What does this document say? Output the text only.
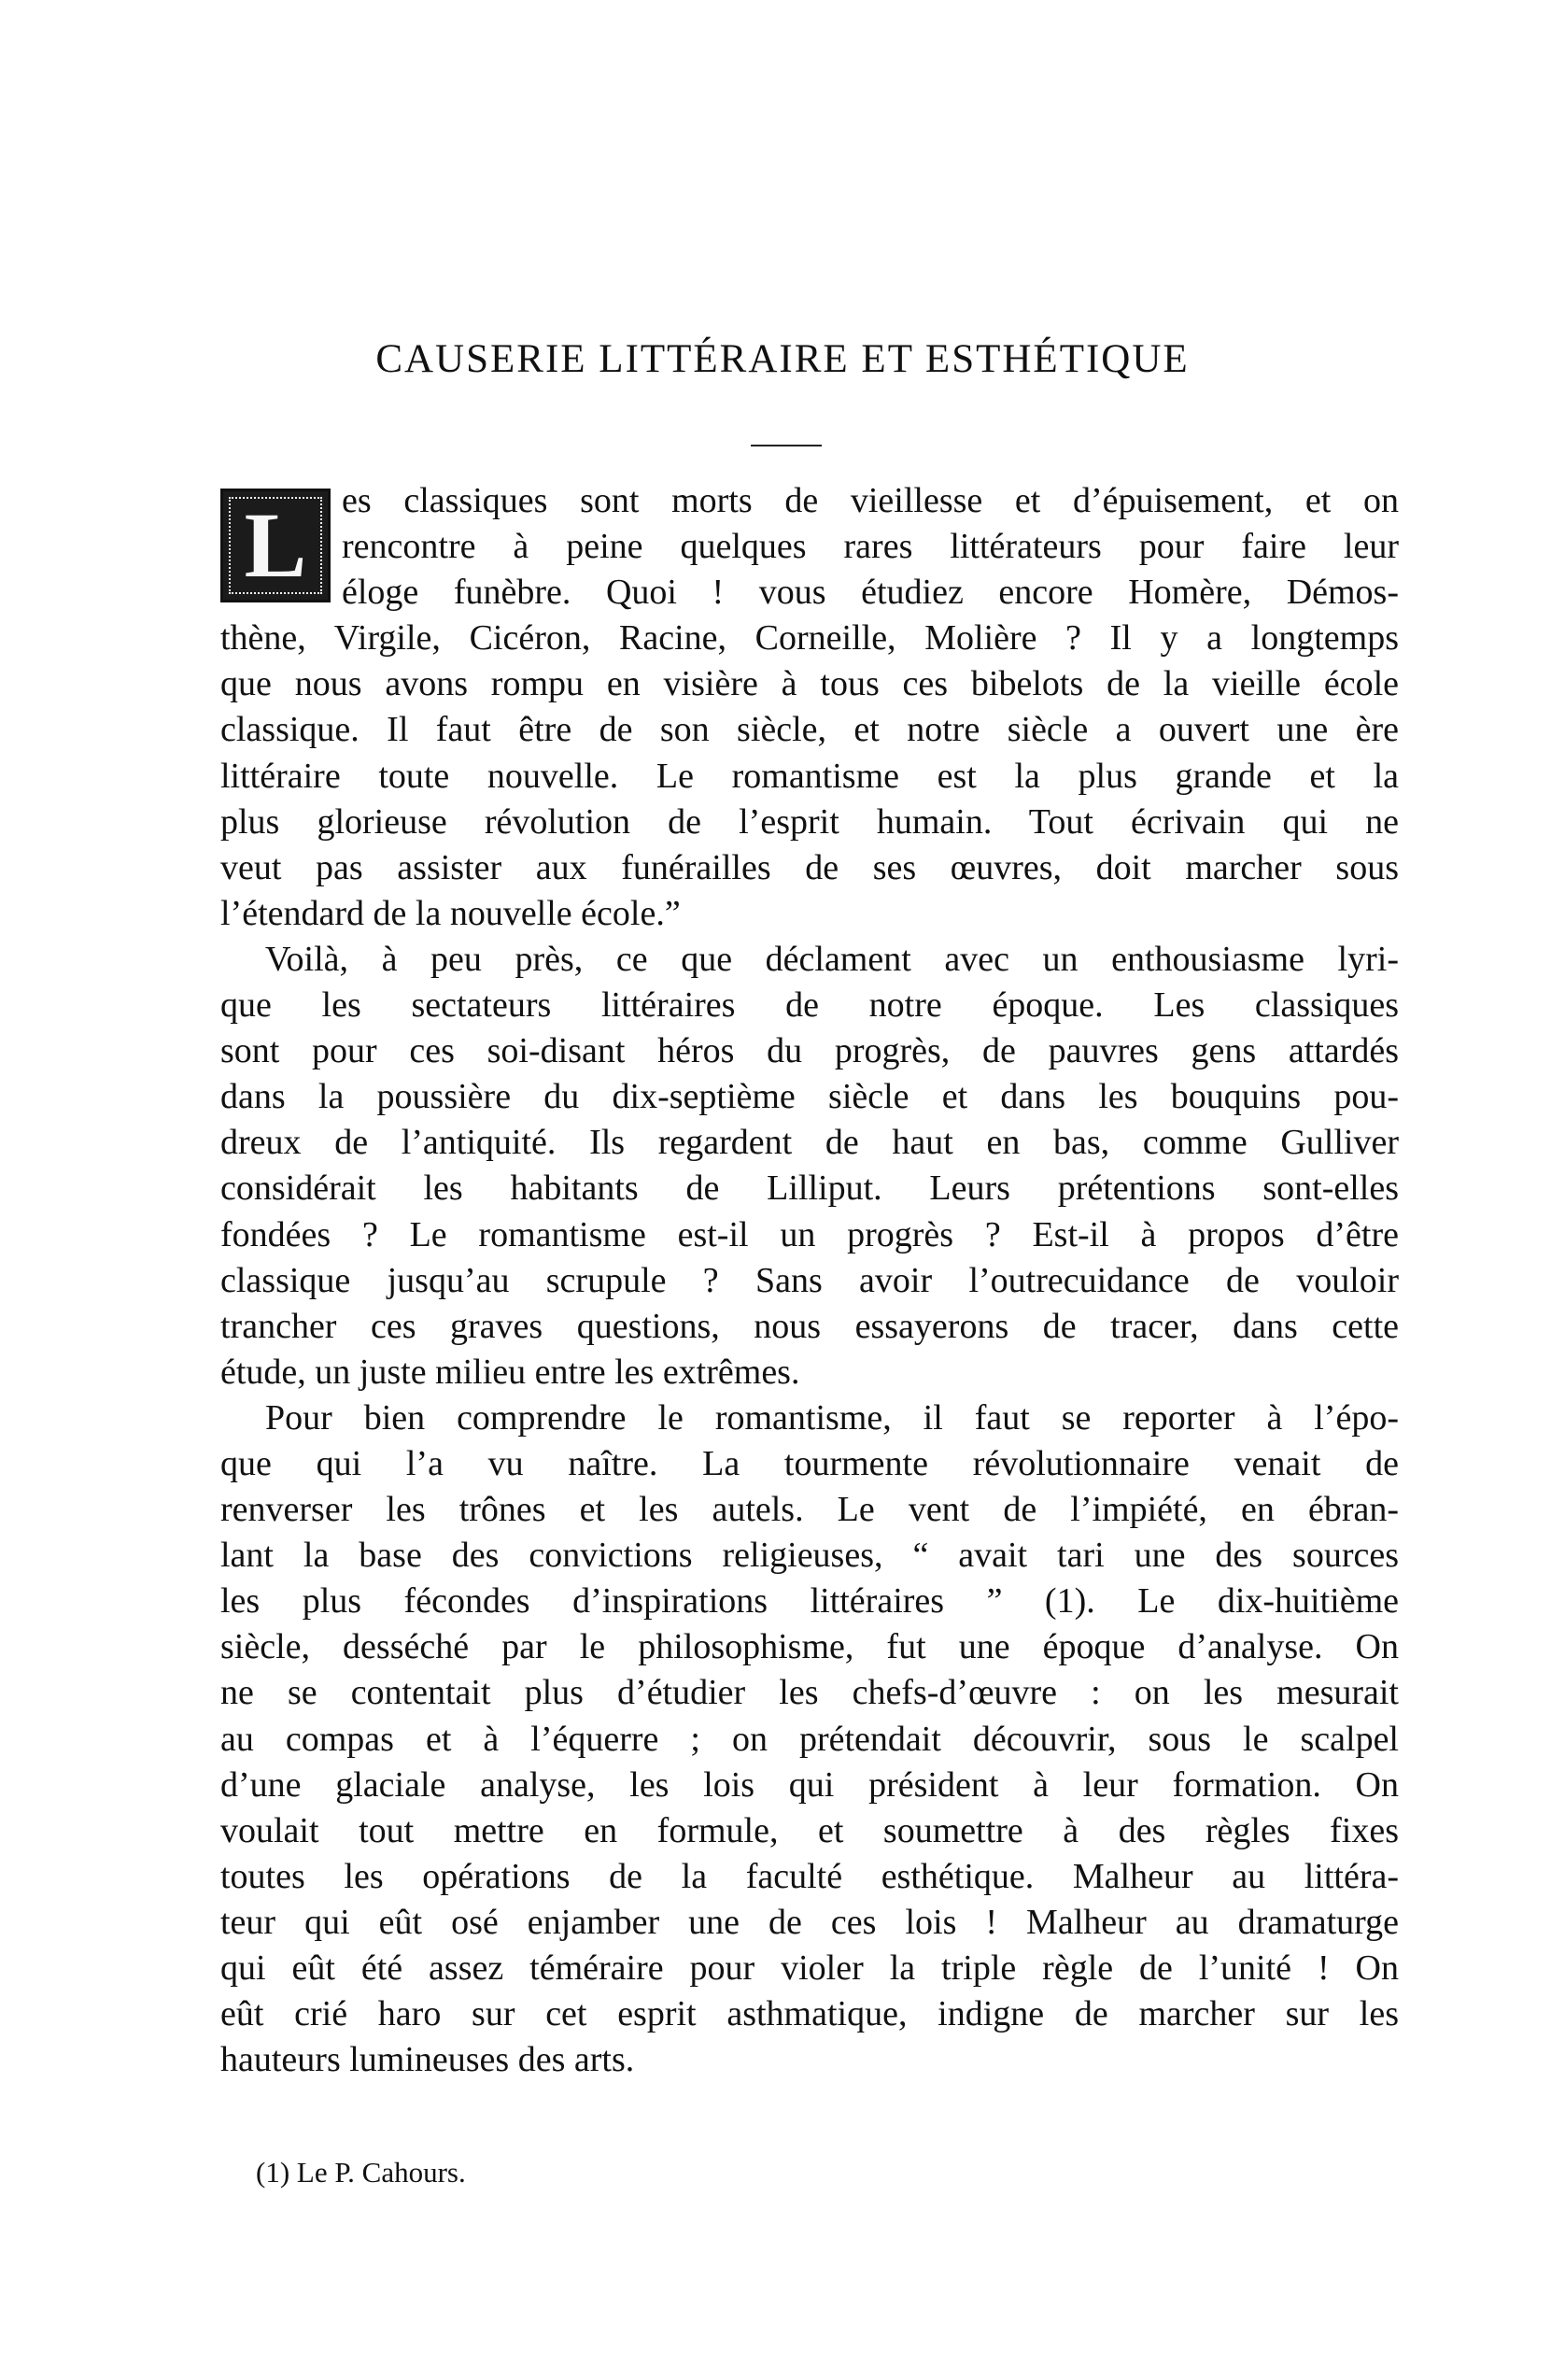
CAUSERIE LITTÉRAIRE ET ESTHÉTIQUE
L es classiques sont morts de vieillesse et d’épuisement, et on
rencontre à peine quelques rares littérateurs pour faire leur
éloge funèbre. Quoi ! vous étudiez encore Homère, Démos-
thène, Virgile, Cicéron, Racine, Corneille, Molière ? Il y a longtemps
que nous avons rompu en visière à tous ces bibelots de la vieille école
classique. Il faut être de son siècle, et notre siècle a ouvert une ère
littéraire toute nouvelle. Le romantisme est la plus grande et la
plus glorieuse révolution de l’esprit humain. Tout écrivain qui ne
veut pas assister aux funérailles de ses œuvres, doit marcher sous
l’étendard de la nouvelle école.”
Voilà, à peu près, ce que déclament avec un enthousiasme lyri-
que les sectateurs littéraires de notre époque. Les classiques
sont pour ces soi-disant héros du progrès, de pauvres gens attardés
dans la poussière du dix-septième siècle et dans les bouquins pou-
dreux de l’antiquité. Ils regardent de haut en bas, comme Gulliver
considérait les habitants de Lilliput. Leurs prétentions sont-elles
fondées ? Le romantisme est-il un progrès ? Est-il à propos d’être
classique jusqu’au scrupule ? Sans avoir l’outrecuidance de vouloir
trancher ces graves questions, nous essayerons de tracer, dans cette
étude, un juste milieu entre les extrêmes.
Pour bien comprendre le romantisme, il faut se reporter à l’épo-
que qui l’a vu naître. La tourmente révolutionnaire venait de
renverser les trônes et les autels. Le vent de l’impiété, en ébran-
lant la base des convictions religieuses, “ avait tari une des sources
les plus fécondes d’inspirations littéraires ” (1). Le dix-huitième
siècle, desséché par le philosophisme, fut une époque d’analyse. On
ne se contentait plus d’étudier les chefs-d’œuvre : on les mesurait
au compas et à l’équerre ; on prétendait découvrir, sous le scalpel
d’une glaciale analyse, les lois qui président à leur formation. On
voulait tout mettre en formule, et soumettre à des règles fixes
toutes les opérations de la faculté esthétique. Malheur au littéra-
teur qui eût osé enjamber une de ces lois ! Malheur au dramaturge
qui eût été assez téméraire pour violer la triple règle de l’unité ! On
eût crié haro sur cet esprit asthmatique, indigne de marcher sur les
hauteurs lumineuses des arts.
(1) Le P. Cahours.
